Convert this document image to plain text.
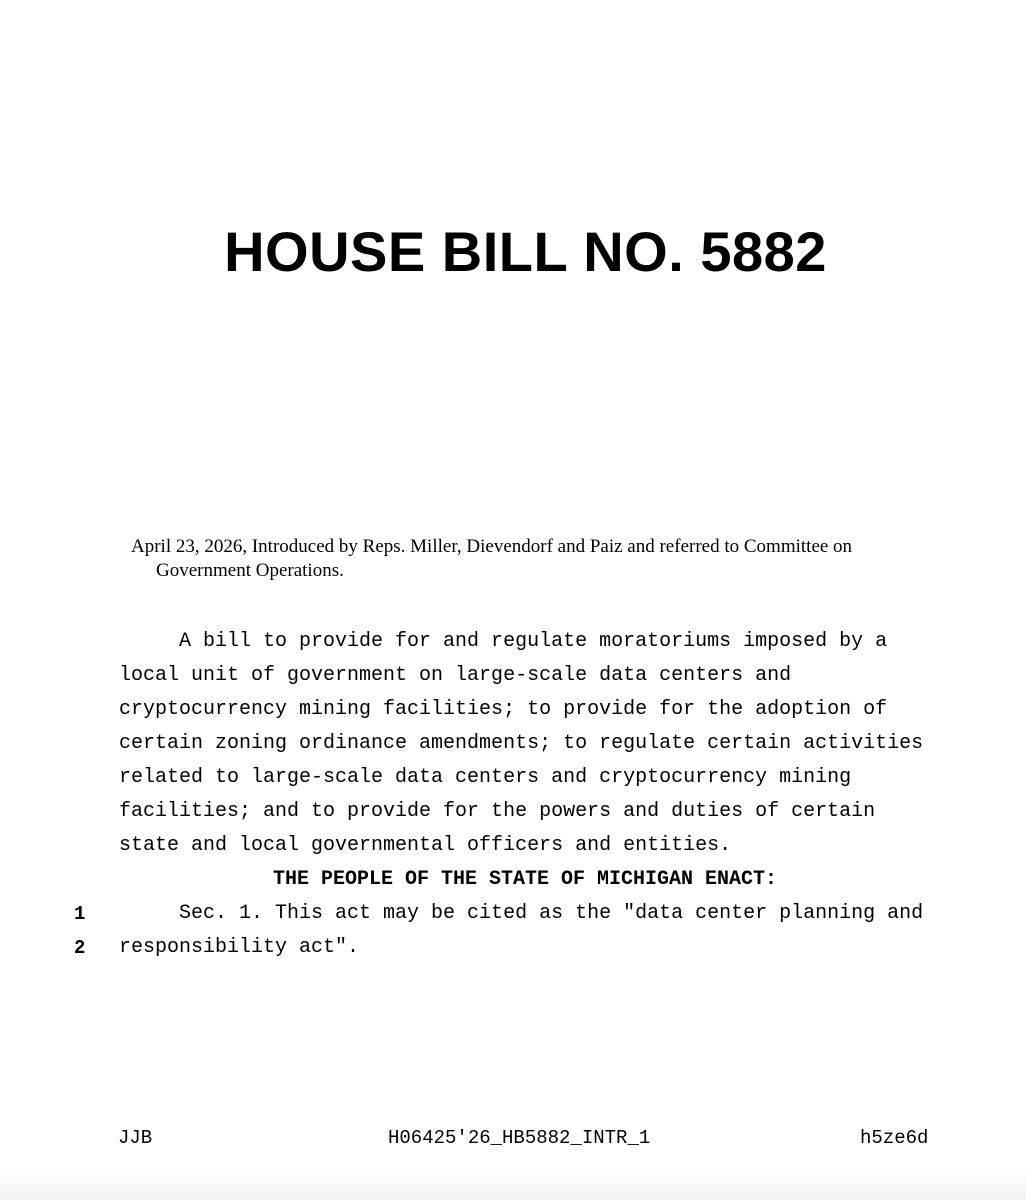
HOUSE BILL NO. 5882
April 23, 2026, Introduced by Reps. Miller, Dievendorf and Paiz and referred to Committee on
Government Operations.
A bill to provide for and regulate moratoriums imposed by a
local unit of government on large-scale data centers and
cryptocurrency mining facilities; to provide for the adoption of
certain zoning ordinance amendments; to regulate certain activities
related to large-scale data centers and cryptocurrency mining
facilities; and to provide for the powers and duties of certain
state and local governmental officers and entities.
THE PEOPLE OF THE STATE OF MICHIGAN ENACT:
1 Sec. 1. This act may be cited as the "data center planning and
2 responsibility act".
JJB	H06425'26_HB5882_INTR_1	h5ze6d
